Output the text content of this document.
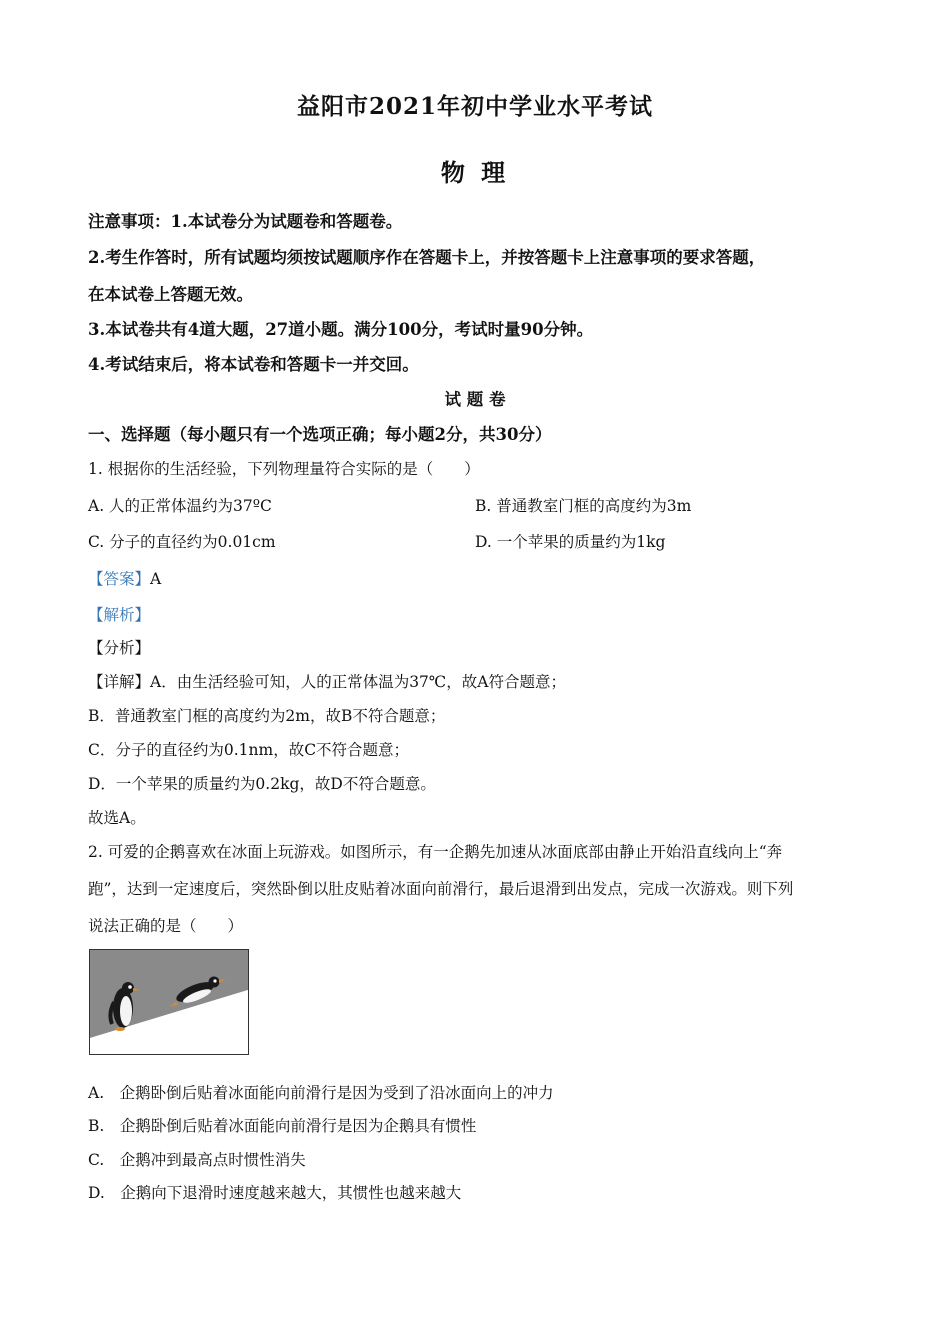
益阳市2021年初中学业水平考试
物 理
注意事项：1.本试卷分为试题卷和答题卷。
2.考生作答时，所有试题均须按试题顺序作在答题卡上，并按答题卡上注意事项的要求答题，
在本试卷上答题无效。
3.本试卷共有4道大题，27道小题。满分100分，考试时量90分钟。
4.考试结束后，将本试卷和答题卡一并交回。
试 题 卷
一、选择题（每小题只有一个选项正确；每小题2分，共30分）
1. 根据你的生活经验，下列物理量符合实际的是（　　）
A. 人的正常体温约为37ºC	B. 普通教室门框的高度约为3m
C. 分子的直径约为0.01cm	D. 一个苹果的质量约为1kg
【答案】A
【解析】
【分析】
【详解】A．由生活经验可知，人的正常体温为37℃，故A符合题意；
B．普通教室门框的高度约为2m，故B不符合题意；
C．分子的直径约为0.1nm，故C不符合题意；
D．一个苹果的质量约为0.2kg，故D不符合题意。
故选A。
2. 可爱的企鹅喜欢在冰面上玩游戏。如图所示，有一企鹅先加速从冰面底部由静止开始沿直线向上“奔
跑”，达到一定速度后，突然卧倒以肚皮贴着冰面向前滑行，最后退滑到出发点，完成一次游戏。则下列
说法正确的是（　　）
A.　企鹅卧倒后贴着冰面能向前滑行是因为受到了沿冰面向上的冲力
B.　企鹅卧倒后贴着冰面能向前滑行是因为企鹅具有惯性
C.　企鹅冲到最高点时惯性消失
D.　企鹅向下退滑时速度越来越大，其惯性也越来越大
